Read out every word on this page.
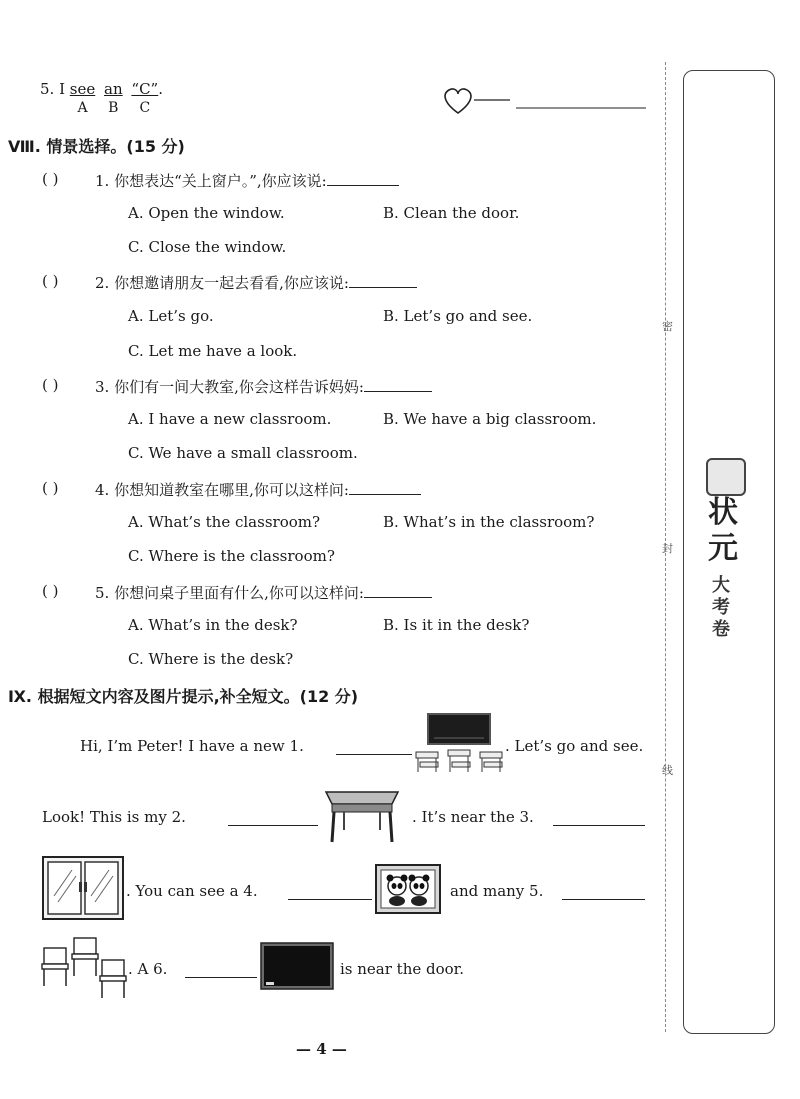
5. I see
A
$\frac{an}{B} \frac{“C”}{C}$ .
Ⅷ. 情景选择。(15 分)
( ) 1. 你想表达“关上窗户。”,你应该说:
A. Open the window.	B. Clean the door.
C. Close the window.
( ) 2. 你想邀请朋友一起去看看,你应该说:
A. Let’s go.	B. Let’s go and see.
C. Let me have a look.
( ) 3. 你们有一间大教室,你会这样告诉妈妈:
A. I have a new classroom.	B. We have a big classroom.
C. We have a small classroom.
( ) 4. 你想知道教室在哪里,你可以这样问:
A. What’s the classroom?	B. What’s in the classroom?
C. Where is the classroom?
( ) 5. 你想问桌子里面有什么,你可以这样问:
A. What’s in the desk?	B. Is it in the desk?
C. Where is the desk?
Ⅸ. 根据短文内容及图片提示,补全短文。(12 分)
Hi, I’m Peter! I have a new 1.	. Let’s go and see.
Look! This is my 2.	. It’s near the 3.
. You can see a 4.	and many 5.
. A 6.	is near the door.
— 4 —
密
封
线
状元
大考卷
